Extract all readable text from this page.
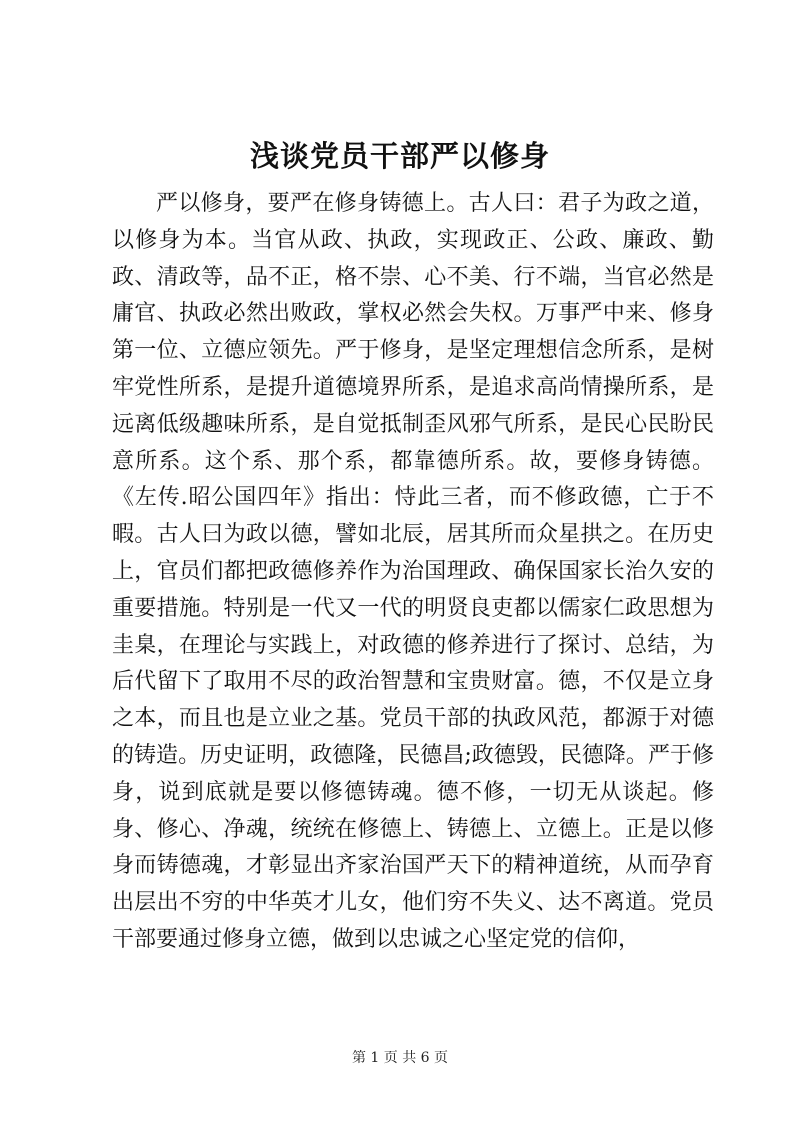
浅谈党员干部严以修身

严以修身，要严在修身铸德上。古人曰：君子为政之道，以修身为本。当官从政、执政，实现政正、公政、廉政、勤政、清政等，品不正，格不崇、心不美、行不端，当官必然是庸官、执政必然出败政，掌权必然会失权。万事严中来、修身第一位、立德应领先。严于修身，是坚定理想信念所系，是树牢党性所系，是提升道德境界所系，是追求高尚情操所系，是远离低级趣味所系，是自觉抵制歪风邪气所系，是民心民盼民意所系。这个系、那个系，都靠德所系。故，要修身铸德。《左传.昭公国四年》指出：恃此三者，而不修政德，亡于不暇。古人曰为政以德，譬如北辰，居其所而众星拱之。在历史上，官员们都把政德修养作为治国理政、确保国家长治久安的重要措施。特别是一代又一代的明贤良吏都以儒家仁政思想为圭臬，在理论与实践上，对政德的修养进行了探讨、总结，为后代留下了取用不尽的政治智慧和宝贵财富。德，不仅是立身之本，而且也是立业之基。党员干部的执政风范，都源于对德的铸造。历史证明，政德隆，民德昌;政德毁，民德降。严于修身，说到底就是要以修德铸魂。德不修，一切无从谈起。修身、修心、净魂，统统在修德上、铸德上、立德上。正是以修身而铸德魂，才彰显出齐家治国严天下的精神道统，从而孕育出层出不穷的中华英才儿女，他们穷不失义、达不离道。党员干部要通过修身立德，做到以忠诚之心坚定党的信仰，

第 1 页 共 6 页
